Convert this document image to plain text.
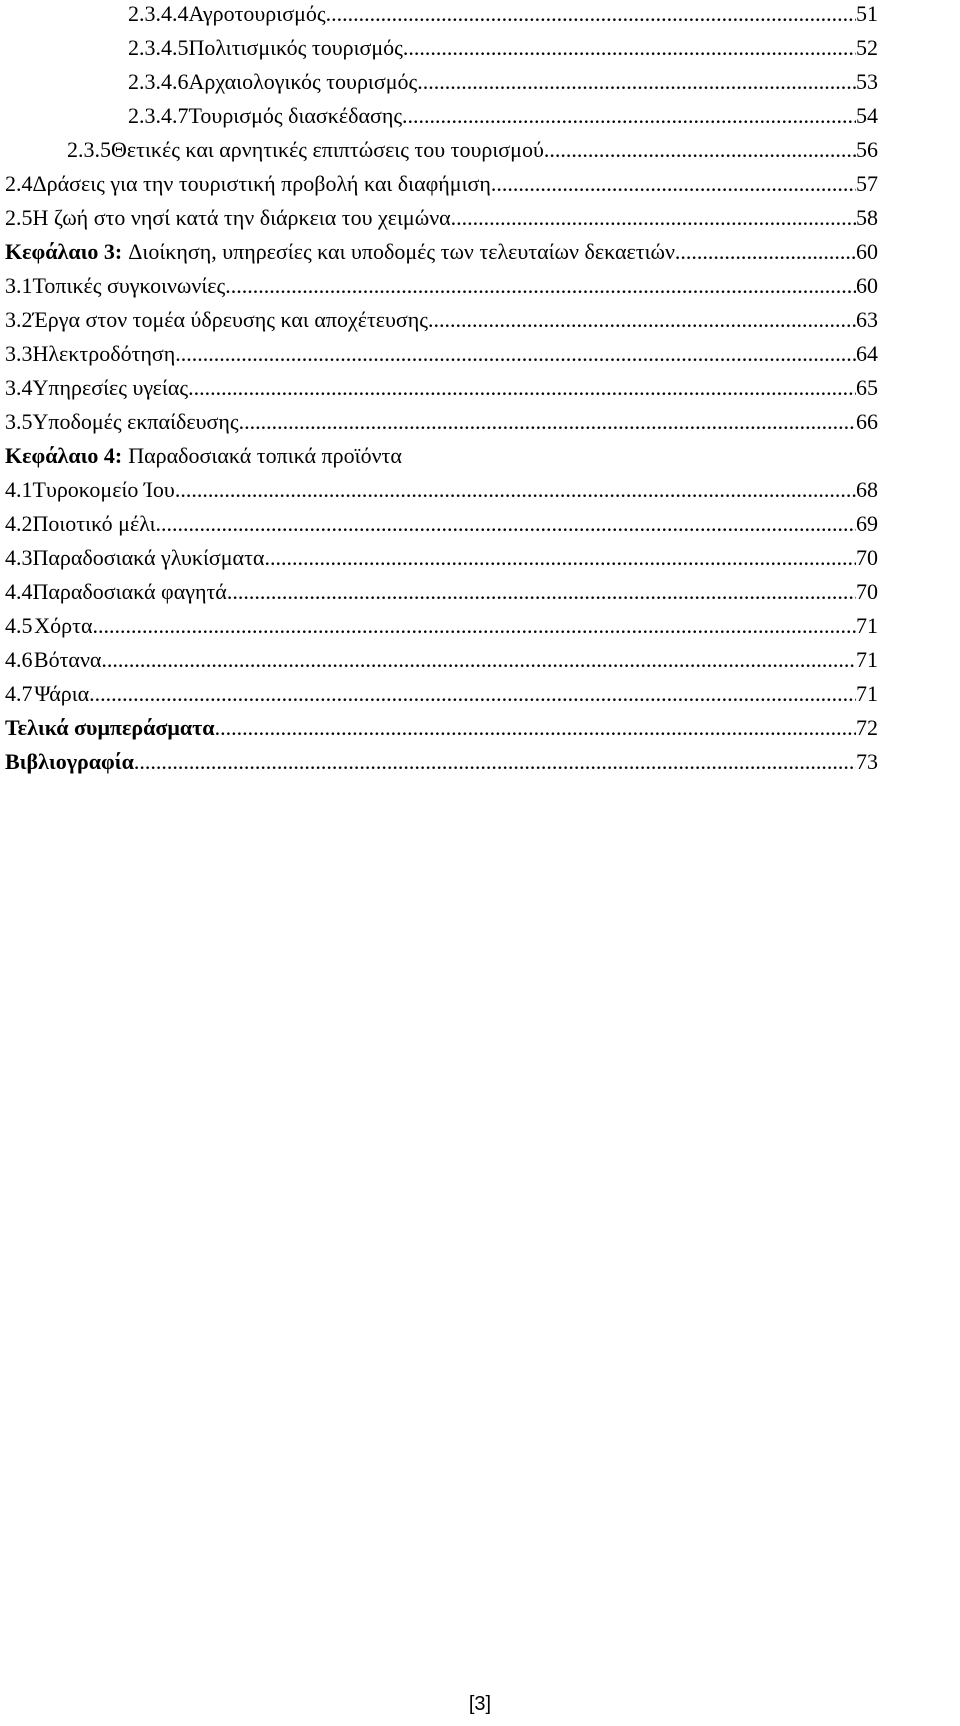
2.3.4.4 Αγροτουρισμός .....	51
2.3.4.5 Πολιτισμικός τουρισμός .....	52
2.3.4.6 Αρχαιολογικός τουρισμός .....	53
2.3.4.7 Τουρισμός διασκέδασης .....	54
2.3.5 Θετικές και αρνητικές επιπτώσεις του τουρισμού .....	56
2.4 Δράσεις για την τουριστική προβολή και διαφήμιση .....	57
2.5 Η ζωή στο νησί κατά την διάρκεια του χειμώνα .....	58
Κεφάλαιο 3: Διοίκηση, υπηρεσίες και υποδομές των τελευταίων δεκαετιών .....	60
3.1 Τοπικές συγκοινωνίες .....	60
3.2 Έργα στον τομέα ύδρευσης και αποχέτευσης .....	63
3.3 Ηλεκτροδότηση .....	64
3.4 Υπηρεσίες υγείας .....	65
3.5 Υποδομές εκπαίδευσης .....	66
Κεφάλαιο 4: Παραδοσιακά τοπικά προϊόντα
4.1 Τυροκομείο Ίου .....	68
4.2 Ποιοτικό μέλι .....	69
4.3 Παραδοσιακά γλυκίσματα .....	70
4.4 Παραδοσιακά φαγητά .....	70
4.5 Χόρτα .....	71
4.6 Βότανα .....	71
4.7 Ψάρια .....	71
Τελικά συμπεράσματα .....	72
Βιβλιογραφία .....	73
[3]
